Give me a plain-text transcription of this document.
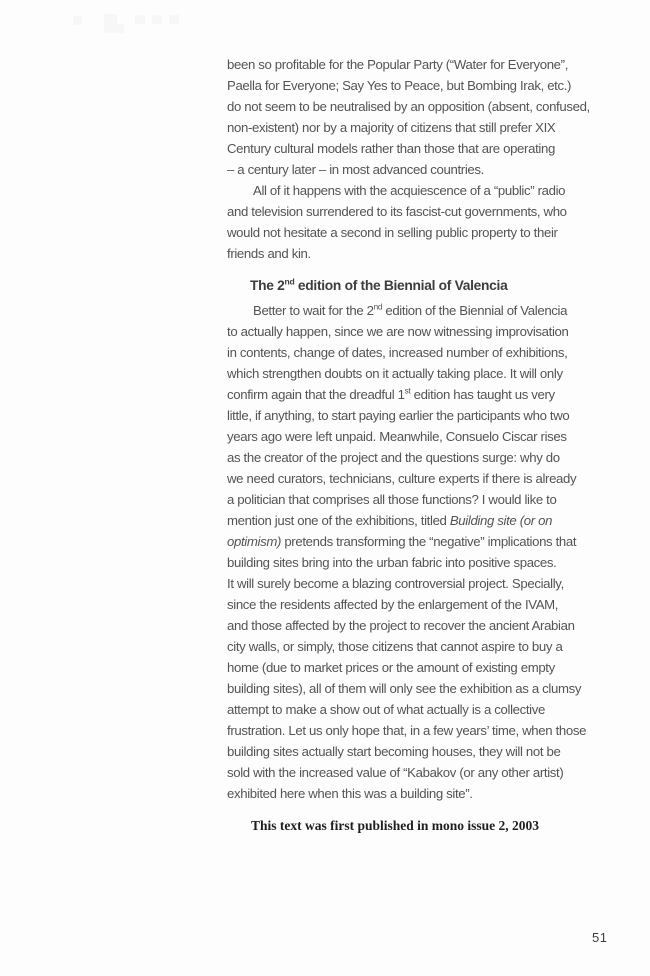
been so profitable for the Popular Party (“Water for Everyone”,
Paella for Everyone; Say Yes to Peace, but Bombing Irak, etc.)
do not seem to be neutralised by an opposition (absent, confused,
non-existent) nor by a majority of citizens that still prefer XIX
Century cultural models rather than those that are operating
– a century later – in most advanced countries.
All of it happens with the acquiescence of a “public” radio
and television surrendered to its fascist-cut governments, who
would not hesitate a second in selling public property to their
friends and kin.
The 2nd edition of the Biennial of Valencia
Better to wait for the 2nd edition of the Biennial of Valencia
to actually happen, since we are now witnessing improvisation
in contents, change of dates, increased number of exhibitions,
which strengthen doubts on it actually taking place. It will only
confirm again that the dreadful 1st edition has taught us very
little, if anything, to start paying earlier the participants who two
years ago were left unpaid. Meanwhile, Consuelo Ciscar rises
as the creator of the project and the questions surge: why do
we need curators, technicians, culture experts if there is already
a politician that comprises all those functions? I would like to
mention just one of the exhibitions, titled Building site (or on
optimism) pretends transforming the “negative” implications that
building sites bring into the urban fabric into positive spaces.
It will surely become a blazing controversial project. Specially,
since the residents affected by the enlargement of the IVAM,
and those affected by the project to recover the ancient Arabian
city walls, or simply, those citizens that cannot aspire to buy a
home (due to market prices or the amount of existing empty
building sites), all of them will only see the exhibition as a clumsy
attempt to make a show out of what actually is a collective
frustration. Let us only hope that, in a few years’ time, when those
building sites actually start becoming houses, they will not be
sold with the increased value of “Kabakov (or any other artist)
exhibited here when this was a building site”.
This text was first published in mono issue 2, 2003
51
